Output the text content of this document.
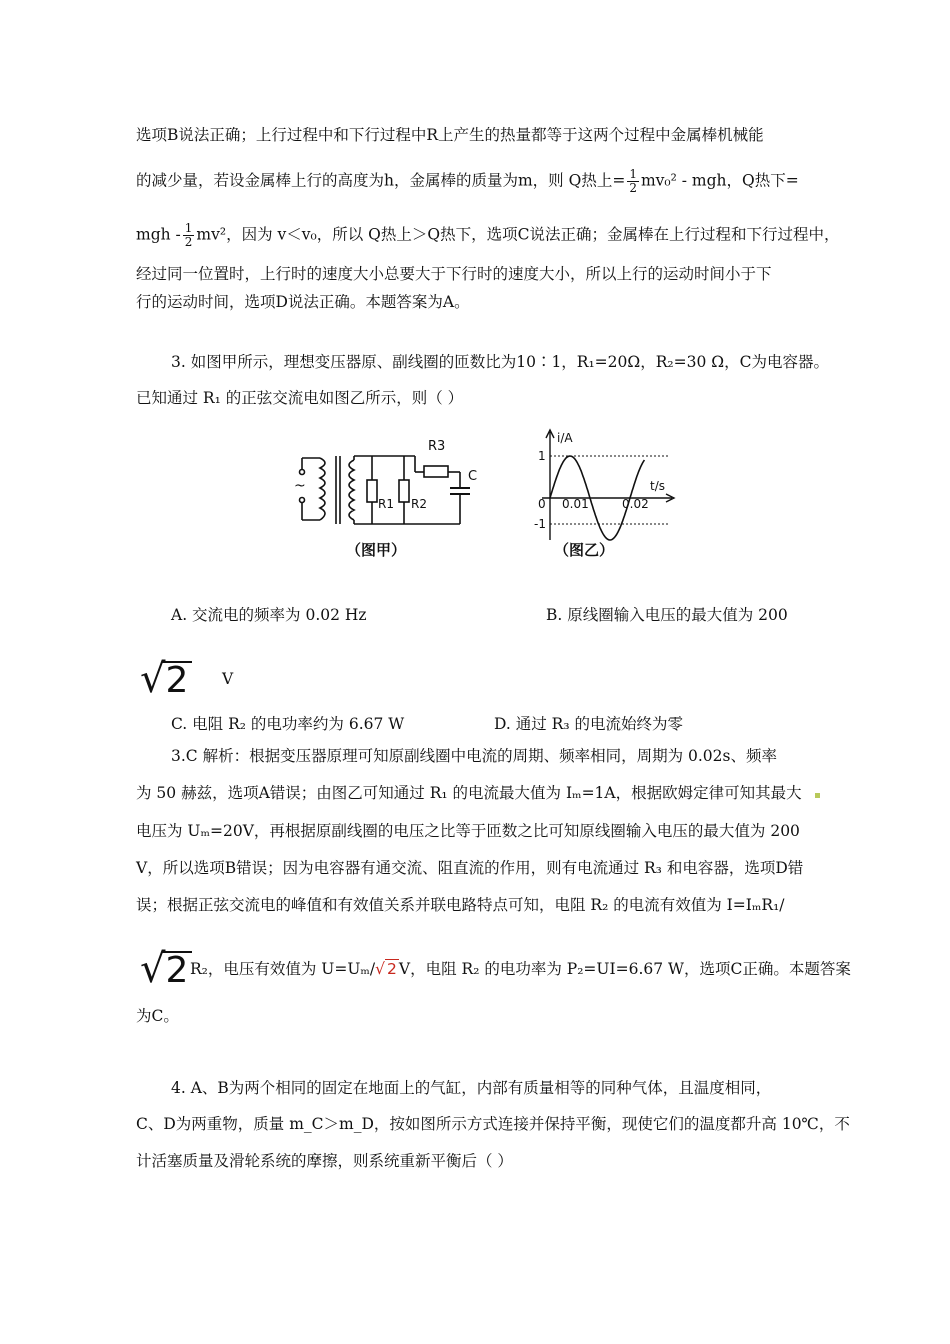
选项B说法正确；上行过程中和下行过程中R上产生的热量都等于这两个过程中金属棒机械能
的减少量，若设金属棒上行的高度为h，金属棒的质量为m，则 Q热上= $\frac{1}{2} mv_0^2$ - mgh，Q热下=
mgh - $\frac{1}{2} mv^2$，因为 v＜v₀，所以 Q热上＞Q热下，选项C说法正确；金属棒在上行过程和下行过程中，
经过同一位置时，上行时的速度大小总要大于下行时的速度大小，所以上行的运动时间小于下
行的运动时间，选项D说法正确。本题答案为A。
3. 如图甲所示，理想变压器原、副线圈的匝数比为10∶1，R₁=20Ω，R₂=30 Ω，C为电容器。
已知通过 R₁ 的正弦交流电如图乙所示，则（ ）
~
R3
R1 R2
C
（图甲）
i/A
t/s
1
0
-1
0.01	0.02
（图乙）
A. 交流电的频率为 0.02 Hz	B. 原线圈输入电压的最大值为 200
√2 V
C. 电阻 R₂ 的电功率约为 6.67 W	D. 通过 R₃ 的电流始终为零
3.C 解析：根据变压器原理可知原副线圈中电流的周期、频率相同，周期为 0.02s、频率
为 50 赫兹，选项A错误；由图乙可知通过 R₁ 的电流最大值为 Iₘ=1A，根据欧姆定律可知其最大
电压为 Uₘ=20V，再根据原副线圈的电压之比等于匝数之比可知原线圈输入电压的最大值为 200
V，所以选项B错误；因为电容器有通交流、阻直流的作用，则有电流通过 R₃ 和电容器，选项D错
误；根据正弦交流电的峰值和有效值关系并联电路特点可知，电阻 R₂ 的电流有效值为 I=IₘR₁/
√2 R₂，电压有效值为 U=Uₘ/√ 2 V，电阻 R₂ 的电功率为 P₂=UI=6.67 W，选项C正确。本题答案
为C。
4. A、B为两个相同的固定在地面上的气缸，内部有质量相等的同种气体，且温度相同，
C、D为两重物，质量 m_C＞m_D，按如图所示方式连接并保持平衡，现使它们的温度都升高 10℃，不
计活塞质量及滑轮系统的摩擦，则系统重新平衡后（ ）
